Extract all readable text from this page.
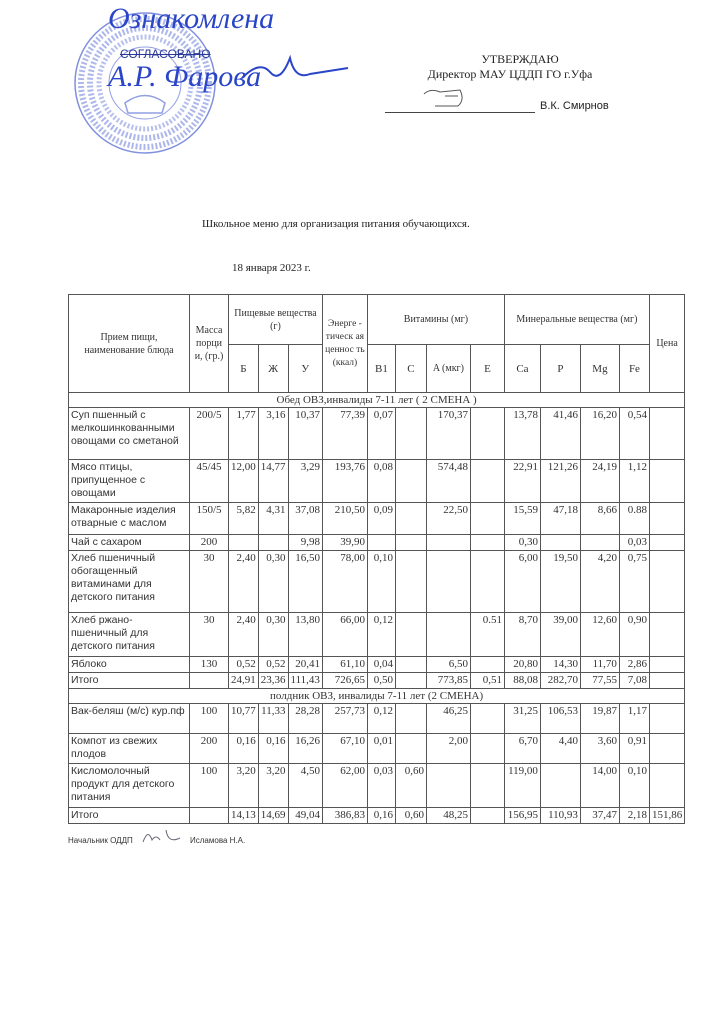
Ознакомлена
СОГЛАСОВАНО
А.Р. Фарова
УТВЕРЖДАЮ
Директор МАУ ЦДДП ГО г.Уфа
В.К. Смирнов
Школьное меню для организация питания обучающихся.
18 января 2023 г.
Прием пищи, наименование блюда	Масса порци и, (гр.)	Пищевые вещества (г)			Энерге - тическ ая ценнос ть (ккал)	Витамины (мг)				Минеральные вещества (мг)				Цена
		Б	Ж	У		B1	C	A (мкг)	E	Ca	P	Mg	Fe	
Обед ОВЗ,инвалиды 7-11 лет ( 2 СМЕНА )														
Суп пшенный с мелкошинкованными овощами со сметаной	200/5	1,77	3,16	10,37	77,39	0,07		170,37		13,78	41,46	16,20	0,54	
Мясо птицы, припущенное с овощами	45/45	12,00	14,77	3,29	193,76	0,08		574,48		22,91	121,26	24,19	1,12	
Макаронные изделия отварные с маслом	150/5	5,82	4,31	37,08	210,50	0,09		22,50		15,59	47,18	8,66	0.88	
Чай с сахаром	200			9,98	39,90					0,30			0,03	
Хлеб пшеничный обогащенный витаминами для детского питания	30	2,40	0,30	16,50	78,00	0,10				6,00	19,50	4,20	0,75	
Хлеб ржано-пшеничный для детского питания	30	2,40	0,30	13,80	66,00	0,12			0.51	8,70	39,00	12,60	0,90	
Яблоко	130	0,52	0,52	20,41	61,10	0,04		6,50		20,80	14,30	11,70	2,86	
Итого		24,91	23,36	111,43	726,65	0,50		773,85	0,51	88,08	282,70	77,55	7,08	
полдник ОВЗ, инвалиды 7-11 лет (2 СМЕНА)														
Вак-беляш (м/с) кур.пф	100	10,77	11,33	28,28	257,73	0,12		46,25		31,25	106,53	19,87	1,17	
Компот из свежих плодов	200	0,16	0,16	16,26	67,10	0,01		2,00		6,70	4,40	3,60	0,91	
Кисломолочный продукт для детского питания	100	3,20	3,20	4,50	62,00	0,03	0,60			119,00		14,00	0,10	
Итого		14,13	14,69	49,04	386,83	0,16	0,60	48,25		156,95	110,93	37,47	2,18	151,86
Начальник ОДДП	Исламова Н.А.
